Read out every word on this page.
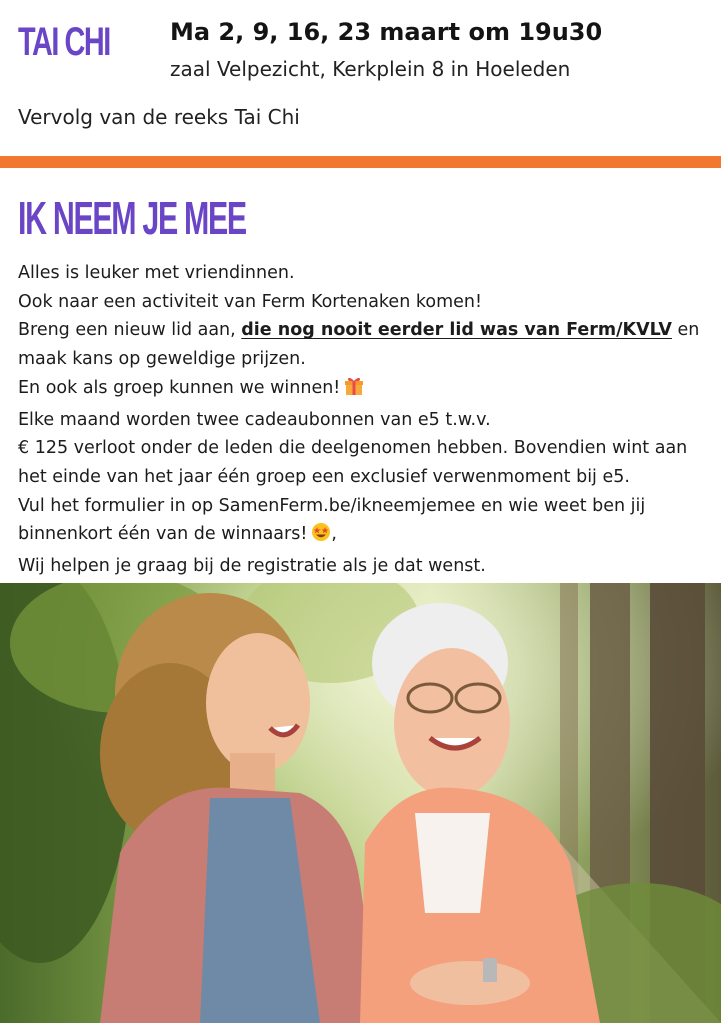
TAI CHI	Ma 2, 9, 16, 23 maart om 19u30
zaal Velpezicht, Kerkplein 8 in Hoeleden
Vervolg van de reeks Tai Chi
IK NEEM JE MEE
Alles is leuker met vriendinnen.
Ook naar een activiteit van Ferm Kortenaken komen!
Breng een nieuw lid aan, die nog nooit eerder lid was van Ferm/KVLV en
maak kans op geweldige prijzen.
En ook als groep kunnen we winnen!
Elke maand worden twee cadeaubonnen van e5 t.w.v.
€ 125 verloot onder de leden die deelgenomen hebben. Bovendien wint aan
het einde van het jaar één groep een exclusief verwenmoment bij e5.
Vul het formulier in op SamenFerm.be/ikneemjemee en wie weet ben jij
binnenkort één van de winnaars! ,
Wij helpen je graag bij de registratie als je dat wenst.
